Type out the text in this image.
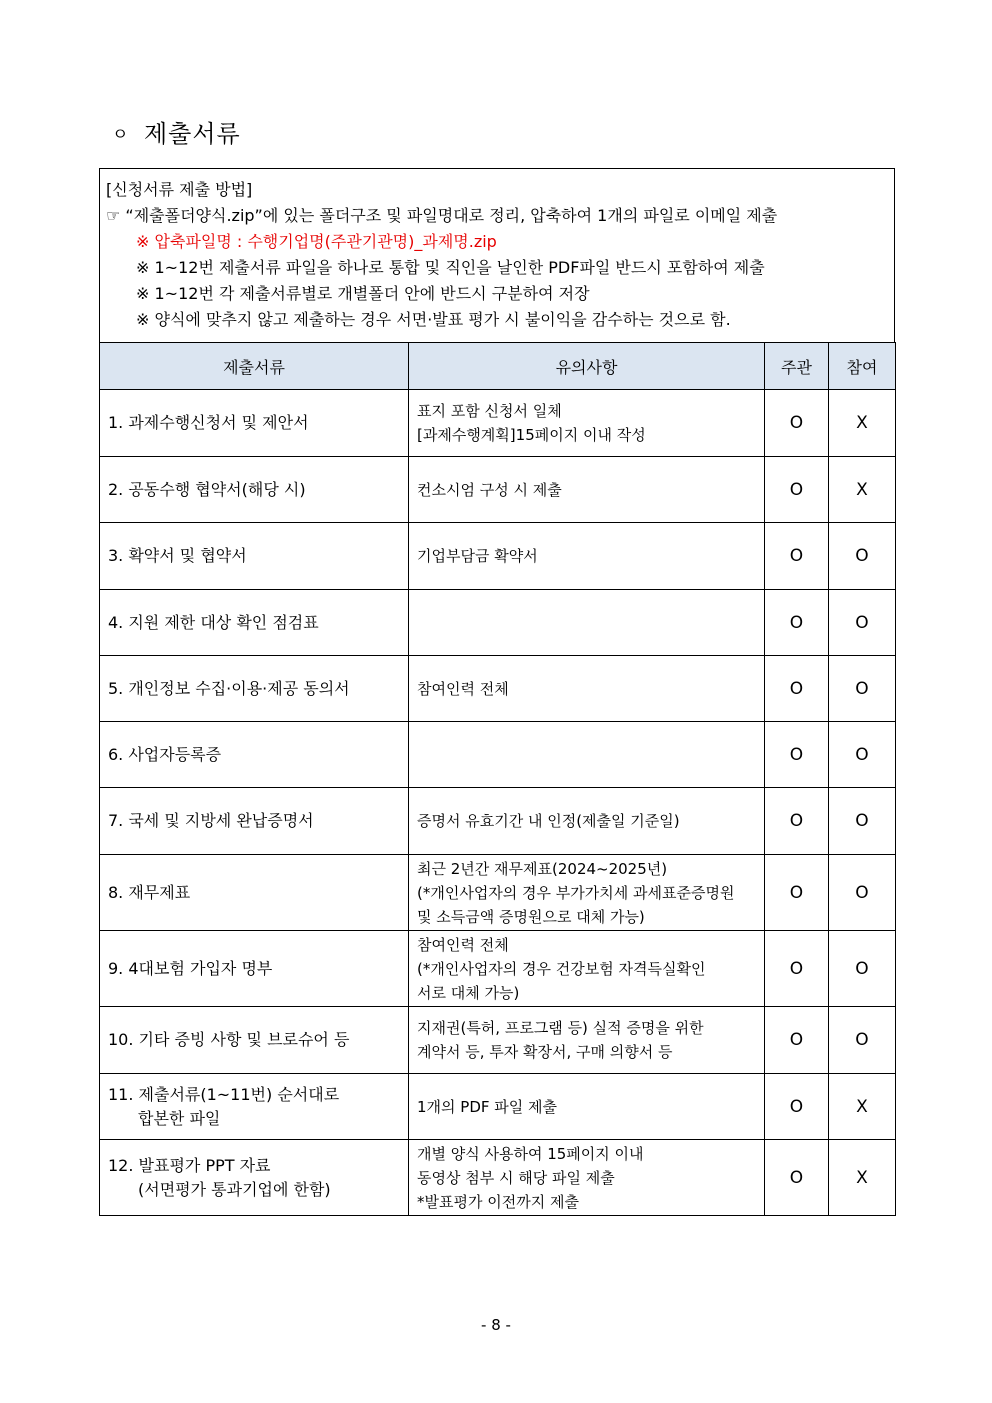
ㅇ 제출서류
[신청서류 제출 방법]
☞ “제출폴더양식.zip”에 있는 폴더구조 및 파일명대로 정리, 압축하여 1개의 파일로 이메일 제출
※ 압축파일명 : 수행기업명(주관기관명)_과제명.zip
※ 1~12번 제출서류 파일을 하나로 통합 및 직인을 날인한 PDF파일 반드시 포함하여 제출
※ 1~12번 각 제출서류별로 개별폴더 안에 반드시 구분하여 저장
※ 양식에 맞추지 않고 제출하는 경우 서면·발표 평가 시 불이익을 감수하는 것으로 함.
제출서류	유의사항	주관	참여

1. 과제수행신청서 및 제안서	표지 포함 신청서 일체
[과제수행계획]15페이지 이내 작성	O	X

2. 공동수행 협약서(해당 시)	컨소시엄 구성 시 제출	O	X

3. 확약서 및 협약서	기업부담금 확약서	O	O

4. 지원 제한 대상 확인 점검표		O	O

5. 개인정보 수집·이용·제공 동의서	참여인력 전체	O	O

6. 사업자등록증		O	O

7. 국세 및 지방세 완납증명서	증명서 유효기간 내 인정(제출일 기준일)	O	O

8. 재무제표	최근 2년간 재무제표(2024~2025년)
(*개인사업자의 경우 부가가치세 과세표준증명원
및 소득금액 증명원으로 대체 가능)	O	O

9. 4대보험 가입자 명부	참여인력 전체
(*개인사업자의 경우 건강보험 자격득실확인
서로 대체 가능)	O	O

10. 기타 증빙 사항 및 브로슈어 등	지재권(특허, 프로그램 등) 실적 증명을 위한
계약서 등, 투자 확장서, 구매 의향서 등	O	O

11. 제출서류(1~11번) 순서대로
합본한 파일	1개의 PDF 파일 제출	O	X

12. 발표평가 PPT 자료
(서면평가 통과기업에 한함)	개별 양식 사용하여 15페이지 이내
동영상 첨부 시 해당 파일 제출
*발표평가 이전까지 제출	O	X
- 8 -
